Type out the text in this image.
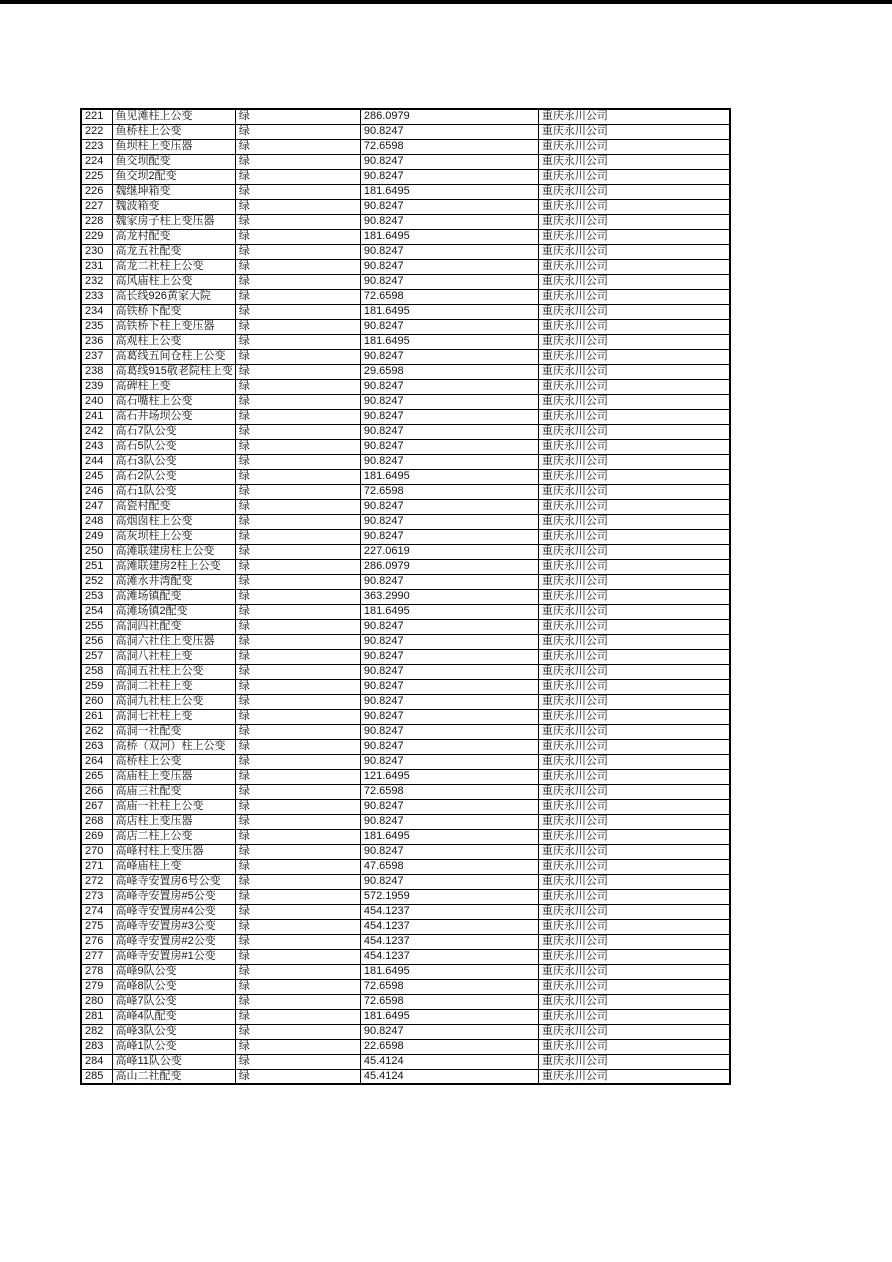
221	鱼见滩柱上公变	绿	286.0979	重庆永川公司
222	鱼桥柱上公变	绿	90.8247	重庆永川公司
223	鱼坝柱上变压器	绿	72.6598	重庆永川公司
224	鱼交坝配变	绿	90.8247	重庆永川公司
225	鱼交坝2配变	绿	90.8247	重庆永川公司
226	魏继坤箱变	绿	181.6495	重庆永川公司
227	魏波箱变	绿	90.8247	重庆永川公司
228	魏家房子柱上变压器	绿	90.8247	重庆永川公司
229	高龙村配变	绿	181.6495	重庆永川公司
230	高龙五社配变	绿	90.8247	重庆永川公司
231	高龙二社柱上公变	绿	90.8247	重庆永川公司
232	高风庙柱上公变	绿	90.8247	重庆永川公司
233	高长线926黄家大院	绿	72.6598	重庆永川公司
234	高铁桥下配变	绿	181.6495	重庆永川公司
235	高铁桥下柱上变压器	绿	90.8247	重庆永川公司
236	高观柱上公变	绿	181.6495	重庆永川公司
237	高葛线五间仓柱上公变	绿	90.8247	重庆永川公司
238	高葛线915敬老院柱上变	绿	29.6598	重庆永川公司
239	高碑柱上变	绿	90.8247	重庆永川公司
240	高石嘴柱上公变	绿	90.8247	重庆永川公司
241	高石井场坝公变	绿	90.8247	重庆永川公司
242	高石7队公变	绿	90.8247	重庆永川公司
243	高石5队公变	绿	90.8247	重庆永川公司
244	高石3队公变	绿	90.8247	重庆永川公司
245	高石2队公变	绿	181.6495	重庆永川公司
246	高石1队公变	绿	72.6598	重庆永川公司
247	高瓷村配变	绿	90.8247	重庆永川公司
248	高烟囱柱上公变	绿	90.8247	重庆永川公司
249	高灰坝柱上公变	绿	90.8247	重庆永川公司
250	高滩联建房柱上公变	绿	227.0619	重庆永川公司
251	高滩联建房2柱上公变	绿	286.0979	重庆永川公司
252	高滩水井湾配变	绿	90.8247	重庆永川公司
253	高滩场镇配变	绿	363.2990	重庆永川公司
254	高滩场镇2配变	绿	181.6495	重庆永川公司
255	高洞四社配变	绿	90.8247	重庆永川公司
256	高洞六社住上变压器	绿	90.8247	重庆永川公司
257	高洞八社柱上变	绿	90.8247	重庆永川公司
258	高洞五社柱上公变	绿	90.8247	重庆永川公司
259	高洞二社柱上变	绿	90.8247	重庆永川公司
260	高洞九社柱上公变	绿	90.8247	重庆永川公司
261	高洞七社柱上变	绿	90.8247	重庆永川公司
262	高洞一社配变	绿	90.8247	重庆永川公司
263	高桥（双河）柱上公变	绿	90.8247	重庆永川公司
264	高桥柱上公变	绿	90.8247	重庆永川公司
265	高庙柱上变压器	绿	121.6495	重庆永川公司
266	高庙三社配变	绿	72.6598	重庆永川公司
267	高庙一社柱上公变	绿	90.8247	重庆永川公司
268	高店柱上变压器	绿	90.8247	重庆永川公司
269	高店二柱上公变	绿	181.6495	重庆永川公司
270	高峰村柱上变压器	绿	90.8247	重庆永川公司
271	高峰庙柱上变	绿	47.6598	重庆永川公司
272	高峰寺安置房6号公变	绿	90.8247	重庆永川公司
273	高峰寺安置房#5公变	绿	572.1959	重庆永川公司
274	高峰寺安置房#4公变	绿	454.1237	重庆永川公司
275	高峰寺安置房#3公变	绿	454.1237	重庆永川公司
276	高峰寺安置房#2公变	绿	454.1237	重庆永川公司
277	高峰寺安置房#1公变	绿	454.1237	重庆永川公司
278	高峰9队公变	绿	181.6495	重庆永川公司
279	高峰8队公变	绿	72.6598	重庆永川公司
280	高峰7队公变	绿	72.6598	重庆永川公司
281	高峰4队配变	绿	181.6495	重庆永川公司
282	高峰3队公变	绿	90.8247	重庆永川公司
283	高峰1队公变	绿	22.6598	重庆永川公司
284	高峰11队公变	绿	45.4124	重庆永川公司
285	高山二社配变	绿	45.4124	重庆永川公司
